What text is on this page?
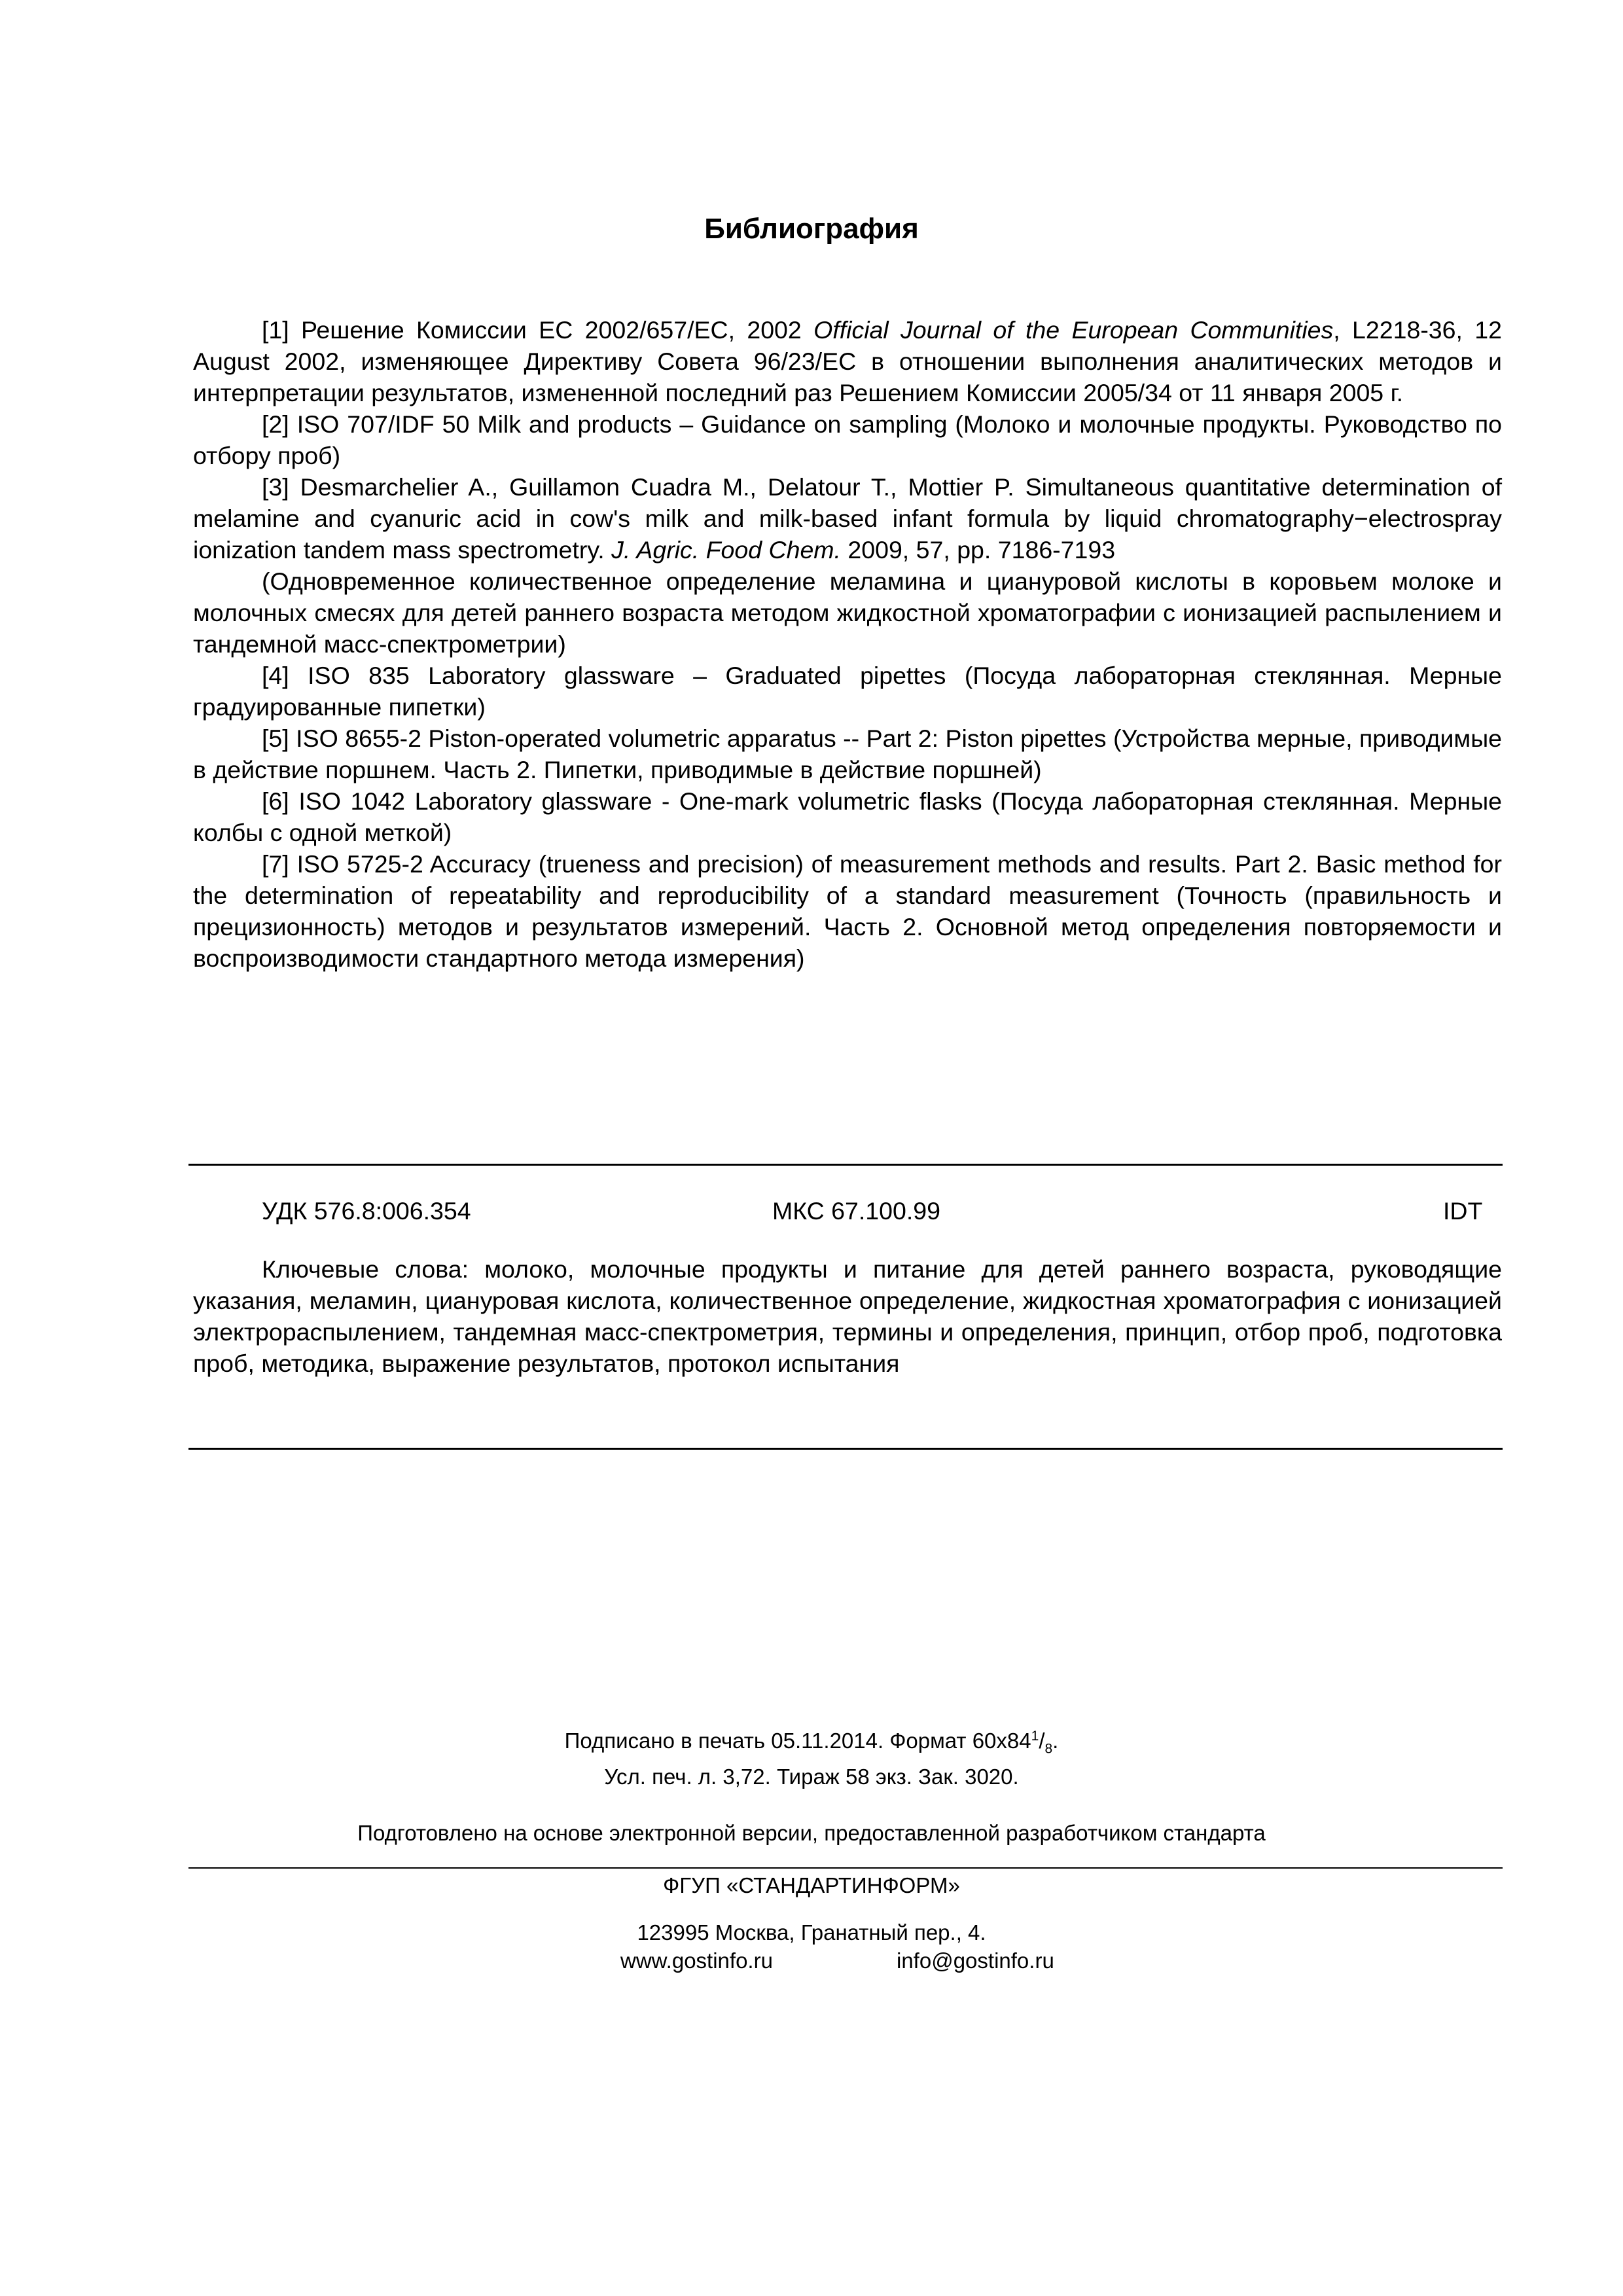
Библиография

[1] Решение Комиссии ЕС 2002/657/ЕС, 2002 Official Journal of the European Communities, L2218-36, 12 August 2002, изменяющее Директиву Совета 96/23/ЕС в отношении выполнения аналитических методов и интерпретации результатов, измененной последний раз Решением Комиссии 2005/34 от 11 января 2005 г.

[2] ISO 707/IDF 50 Milk and products – Guidance on sampling (Молоко и молочные продукты. Руководство по отбору проб)

[3] Desmarchelier A., Guillamon Cuadra M., Delatour T., Mottier P. Simultaneous quantitative determination of melamine and cyanuric acid in cow's milk and milk-based infant formula by liquid chromatography−electrospray ionization tandem mass spectrometry. J. Agric. Food Chem. 2009, 57, pp. 7186-7193

(Одновременное количественное определение меламина и циануровой кислоты в коровьем молоке и молочных смесях для детей раннего возраста методом жидкостной хроматографии с ионизацией распылением и тандемной масс-спектрометрии)

[4] ISO 835 Laboratory glassware – Graduated pipettes (Посуда лабораторная стеклянная. Мерные градуированные пипетки)

[5] ISO 8655-2 Piston-operated volumetric apparatus -- Part 2: Piston pipettes (Устройства мерные, приводимые в действие поршнем. Часть 2. Пипетки, приводимые в действие поршней)

[6] ISO 1042 Laboratory glassware - One-mark volumetric flasks (Посуда лабораторная стеклянная. Мерные колбы с одной меткой)

[7] ISO 5725-2 Accuracy (trueness and precision) of measurement methods and results. Part 2. Basic method for the determination of repeatability and reproducibility of a standard measurement (Точность (правильность и прецизионность) методов и результатов измерений. Часть 2. Основной метод определения повторяемости и воспроизводимости стандартного метода измерения)

УДК 576.8:006.354	МКС 67.100.99	IDT

Ключевые слова: молоко, молочные продукты и питание для детей раннего возраста, руководящие указания, меламин, циануровая кислота, количественное определение, жидкостная хроматография с ионизацией электрораспылением, тандемная масс-спектрометрия, термины и определения, принцип, отбор проб, подготовка проб, методика, выражение результатов, протокол испытания

Подписано в печать 05.11.2014. Формат $60х84^1/_8$.
Усл. печ. л. 3,72. Тираж 58 экз. Зак. 3020.
Подготовлено на основе электронной версии, предоставленной разработчиком стандарта
ФГУП «СТАНДАРТИНФОРМ»
123995 Москва, Гранатный пер., 4.
www.gostinfo.ru	info@gostinfo.ru
